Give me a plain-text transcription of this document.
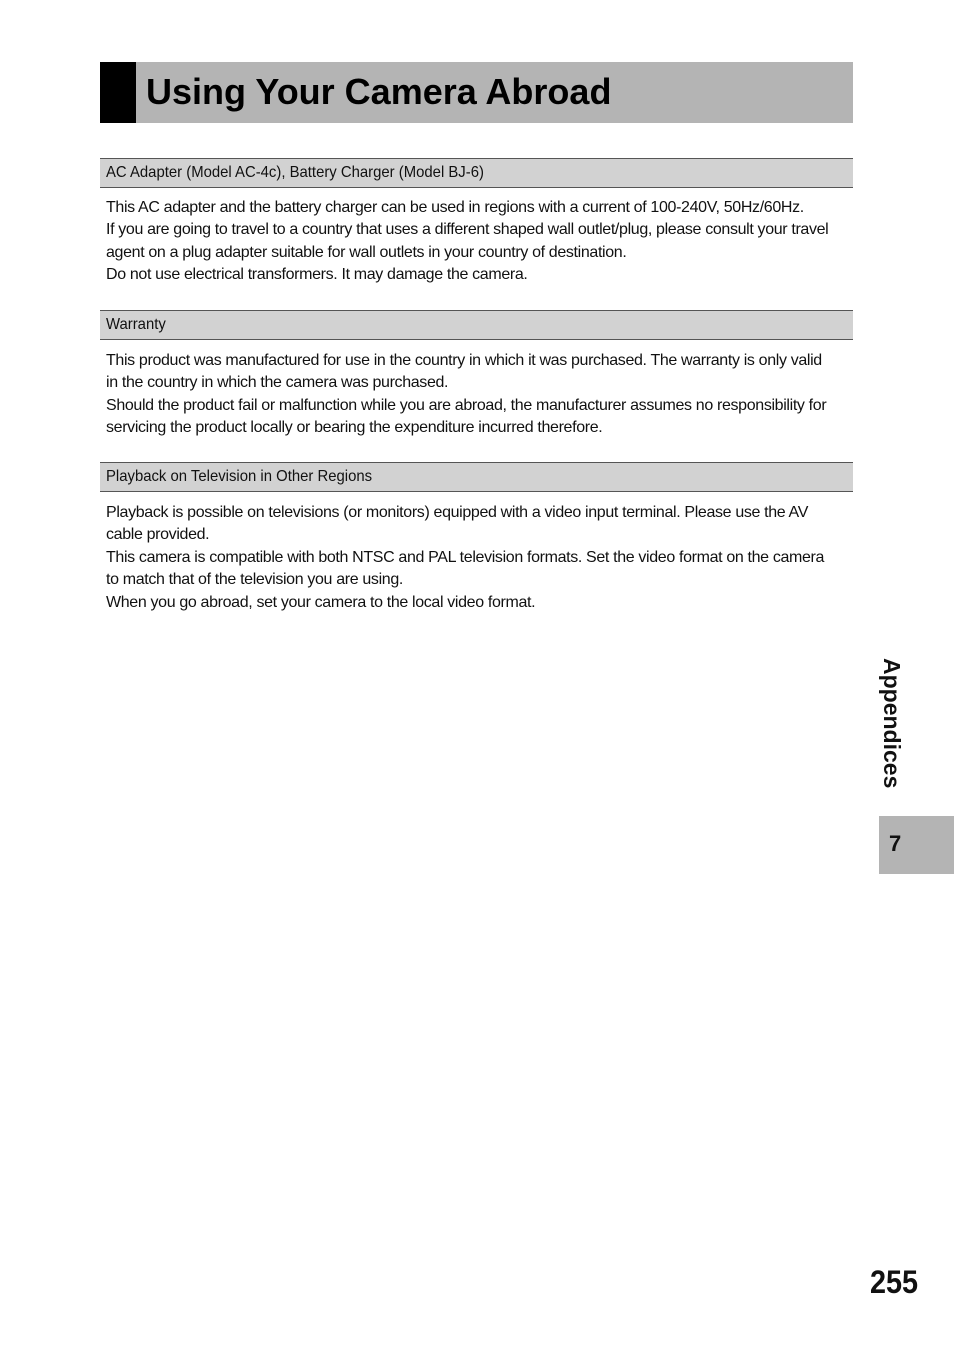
Using Your Camera Abroad
AC Adapter (Model AC-4c), Battery Charger (Model BJ-6)

This AC adapter and the battery charger can be used in regions with a current of 100-240V, 50Hz/60Hz.

If you are going to travel to a country that uses a different shaped wall outlet/plug, please consult your travel

agent on a plug adapter suitable for wall outlets in your country of destination.

Do not use electrical transformers. It may damage the camera.

Warranty

This product was manufactured for use in the country in which it was purchased. The warranty is only valid

in the country in which the camera was purchased.

Should the product fail or malfunction while you are abroad, the manufacturer assumes no responsibility for

servicing the product locally or bearing the expenditure incurred therefore.

Playback on Television in Other Regions

Playback is possible on televisions (or monitors) equipped with a video input terminal. Please use the AV

cable provided.

This camera is compatible with both NTSC and PAL television formats. Set the video format on the camera

to match that of the television you are using.

When you go abroad, set your camera to the local video format.

Appendices
7
255
